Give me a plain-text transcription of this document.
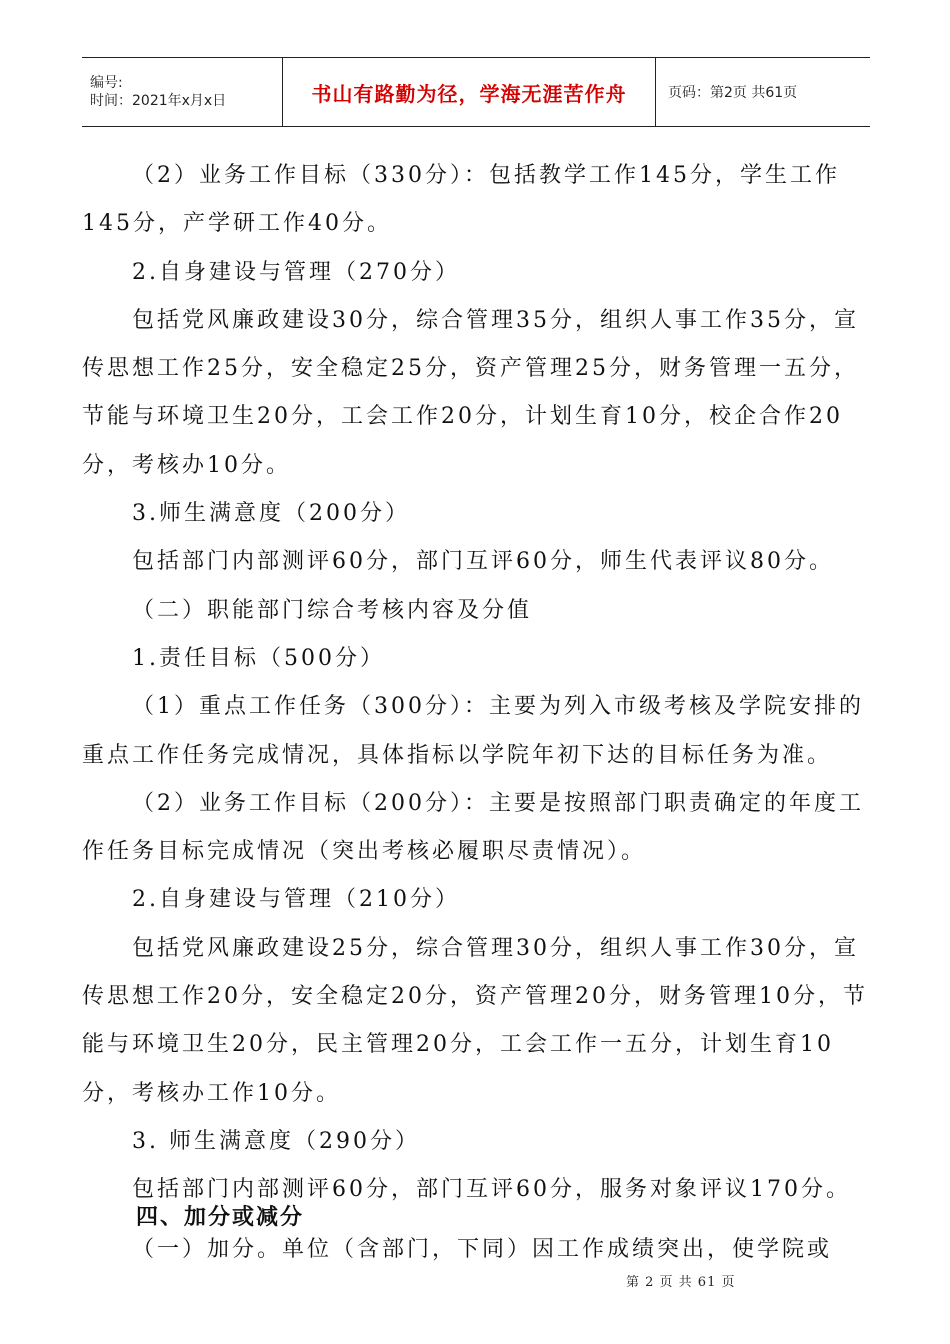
编号:
时间：2021年x月x日	书山有路勤为径，学海无涯苦作舟	页码：第2页 共61页

（2）业务工作目标（330分）：包括教学工作145分，学生工作145分，产学研工作40分。

2.自身建设与管理（270分）

包括党风廉政建设30分，综合管理35分，组织人事工作35分，宣传思想工作25分，安全稳定25分，资产管理25分，财务管理一五分，节能与环境卫生20分，工会工作20分，计划生育10分，校企合作20分，考核办10分。

3.师生满意度（200分）

包括部门内部测评60分，部门互评60分，师生代表评议80分。

（二）职能部门综合考核内容及分值

1.责任目标（500分）

（1）重点工作任务（300分）：主要为列入市级考核及学院安排的重点工作任务完成情况，具体指标以学院年初下达的目标任务为准。

（2）业务工作目标（200分）：主要是按照部门职责确定的年度工作任务目标完成情况（突出考核必履职尽责情况）。

2.自身建设与管理（210分）

包括党风廉政建设25分，综合管理30分，组织人事工作30分，宣传思想工作20分，安全稳定20分，资产管理20分，财务管理10分，节能与环境卫生20分，民主管理20分，工会工作一五分，计划生育10分，考核办工作10分。

3. 师生满意度（290分）

包括部门内部测评60分，部门互评60分，服务对象评议170分。

四、加分或减分
（一）加分。单位（含部门，下同）因工作成绩突出，使学院或
第 2 页 共 61 页
